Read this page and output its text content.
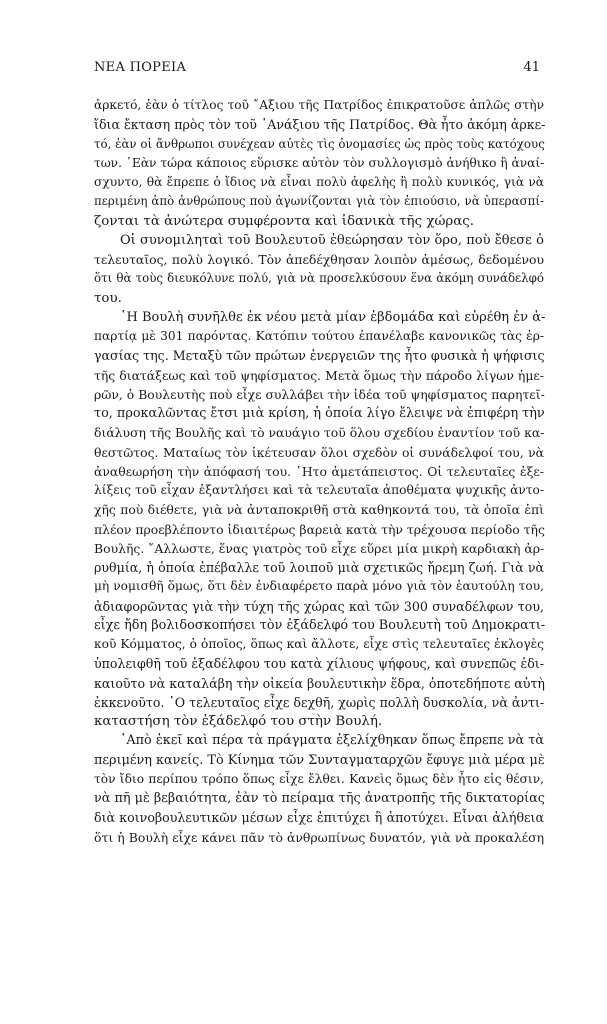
ΝΕΑ ΠΟΡΕΙΑ	41

ἀρκετό, ἐὰν ὁ τίτλος τοῦ ῎Αξιου τῆς Πατρίδος ἐπικρατοῦσε ἁπλῶς στὴν

ἴδια ἔκταση πρὸς τὸν τοῦ ᾿Ανάξιου τῆς Πατρίδος. Θὰ ἦτο ἀκόμη ἀρκε-

τό, ἐὰν οἱ ἄνθρωποι συνέχεαν αὐτὲς τὶς ὀνομασίες ὡς πρὸς τοὺς κατόχους

των. ᾿Εὰν τώρα κάποιος εὕρισκε αὐτὸν τὸν συλλογισμὸ ἀνήθικο ἢ ἀναί-

σχυντο, θὰ ἔπρεπε ὁ ἴδιος νὰ εἶναι πολὺ ἀφελὴς ἢ πολὺ κυνικός, γιὰ νὰ

περιμένη ἀπὸ ἀνθρώπους ποὺ ἀγωνίζονται γιὰ τὸν ἐπιούσιο, νὰ ὑπερασπί-

ζονται τὰ ἀνώτερα συμφέροντα καὶ ἰδανικὰ τῆς χώρας.

Οἱ συνομιληταὶ τοῦ Βουλευτοῦ ἐθεώρησαν τὸν ὅρο, ποὺ ἔθεσε ὁ

τελευταῖος, πολὺ λογικό. Τὸν ἀπεδέχθησαν λοιπὸν ἀμέσως, δεδομένου

ὅτι θὰ τοὺς διευκόλυνε πολύ, γιὰ νὰ προσελκύσουν ἕνα ἀκόμη συνάδελφό

του.

῾Η Βουλὴ συνῆλθε ἐκ νέου μετὰ μίαν ἑβδομάδα καὶ εὑρέθη ἐν ἀ-

παρτίᾳ μὲ 301 παρόντας. Κατόπιν τούτου ἐπανέλαβε κανονικῶς τὰς ἐρ-

γασίας της. Μεταξὺ τῶν πρώτων ἐνεργειῶν της ἦτο φυσικὰ ἡ ψήφισις

τῆς διατάξεως καὶ τοῦ ψηφίσματος. Μετὰ ὅμως τὴν πάροδο λίγων ἡμε-

ρῶν, ὁ Βουλευτὴς ποὺ εἶχε συλλάβει τὴν ἰδέα τοῦ ψηφίσματος παρητεῖ-

το, προκαλῶντας ἔτσι μιὰ κρίση, ἡ ὁποία λίγο ἔλειψε νὰ ἐπιφέρη τὴν

διάλυση τῆς Βουλῆς καὶ τὸ ναυάγιο τοῦ ὅλου σχεδίου ἐναντίον τοῦ κα-

θεστῶτος. Ματαίως τὸν ἱκέτευσαν ὅλοι σχεδὸν οἱ συνάδελφοί του, νὰ

ἀναθεωρήση τὴν ἀπόφασή του. ῾Ητο ἀμετάπειστος. Οἱ τελευταῖες ἐξε-

λίξεις τοῦ εἶχαν ἐξαντλήσει καὶ τὰ τελευταῖα ἀποθέματα ψυχικῆς ἀντο-

χῆς ποὺ διέθετε, γιὰ νὰ ἀνταποκριθῆ στὰ καθηκοντά του, τὰ ὁποῖα ἐπὶ

πλέον προεβλέποντο ἰδιαιτέρως βαρειὰ κατὰ τὴν τρέχουσα περίοδο τῆς

Βουλῆς. ῎Αλλωστε, ἕνας γιατρὸς τοῦ εἶχε εὕρει μία μικρὴ καρδιακὴ ἀρ-

ρυθμία, ἡ ὁποία ἐπέβαλλε τοῦ λοιποῦ μιὰ σχετικῶς ἤρεμη ζωή. Γιὰ νὰ

μὴ νομισθῆ ὅμως, ὅτι δὲν ἐνδιαφέρετο παρὰ μόνο γιὰ τὸν ἑαυτούλη του,

ἀδιαφορῶντας γιὰ τὴν τύχη τῆς χώρας καὶ τῶν 300 συναδέλφων του,

εἶχε ἤδη βολιδοσκοπήσει τὸν ἐξάδελφό του Βουλευτὴ τοῦ Δημοκρατι-

κοῦ Κόμματος, ὁ ὁποῖος, ὅπως καὶ ἄλλοτε, εἶχε στὶς τελευταῖες ἐκλογὲς

ὑπολειφθῆ τοῦ ἐξαδέλφου του κατὰ χίλιους ψήφους, καὶ συνεπῶς ἐδι-

καιοῦτο νὰ καταλάβη τὴν οἰκεία βουλευτικὴν ἕδρα, ὁποτεδήποτε αὐτὴ

ἐκκενοῦτο. ῾Ο τελευταῖος εἶχε δεχθῆ, χωρὶς πολλὴ δυσκολία, νὰ ἀντι-

καταστήση τὸν ἐξάδελφό του στὴν Βουλή.

᾿Απὸ ἐκεῖ καὶ πέρα τὰ πράγματα ἐξελίχθηκαν ὅπως ἔπρεπε νὰ τὰ

περιμένη κανείς. Τὸ Κίνημα τῶν Συνταγματαρχῶν ἔφυγε μιὰ μέρα μὲ

τὸν ἴδιο περίπου τρόπο ὅπως εἶχε ἔλθει. Κανεὶς ὅμως δὲν ἦτο εἰς θέσιν,

νὰ πῆ μὲ βεβαιότητα, ἐὰν τὸ πείραμα τῆς ἀνατροπῆς τῆς δικτατορίας

διὰ κοινοβουλευτικῶν μέσων εἶχε ἐπιτύχει ἢ ἀποτύχει. Εἶναι ἀλήθεια

ὅτι ἡ Βουλὴ εἶχε κάνει πᾶν τὸ ἀνθρωπίνως δυνατόν, γιὰ νὰ προκαλέση
